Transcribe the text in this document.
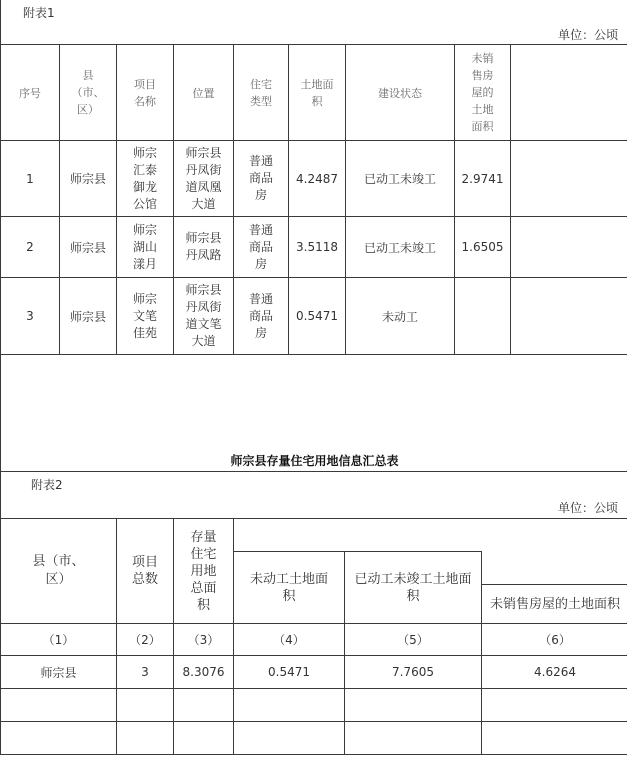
附表1								
单位：公顷								
序号	县（市、区）	项目名称	位置	住宅类型	土地面积	建设状态	未销售房屋的土地面积	
1	师宗县	师宗汇泰御龙公馆	师宗县丹凤街道凤凰大道	普通商品房	4.2487	已动工未竣工	2.9741	
2	师宗县	师宗湖山漾月	师宗县丹凤路	普通商品房	3.5118	已动工未竣工	1.6505	
3	师宗县	师宗文笔佳苑	师宗县丹凤街道文笔大道	普通商品房	0.5471	未动工		
师宗县存量住宅用地信息汇总表								
附表2					
单位：公顷					
县（市、区）	项目总数	存量住宅用地总面积			
			未动工土地面积	已动工未竣工土地面积	
					未销售房屋的土地面积
（1）	（2）	（3）	（4）	（5）	（6）
师宗县	3	8.3076	0.5471	7.7605	4.6264
